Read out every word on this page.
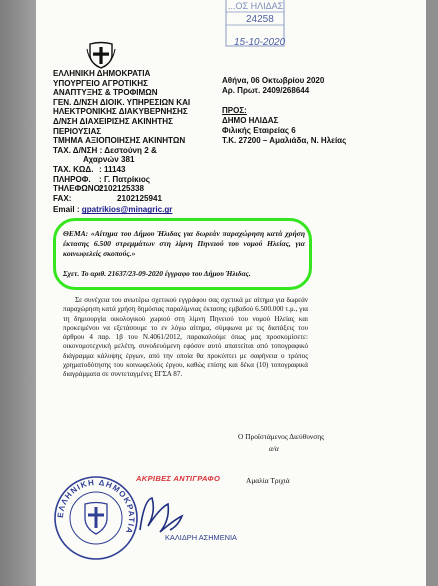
...ΟΣ ΗΛΙΔΑΣ
24258
15-10-2020
ΕΛΛΗΝΙΚΗ ΔΗΜΟΚΡΑΤΙΑ
ΥΠΟΥΡΓΕΙΟ ΑΓΡΟΤΙΚΗΣ
ΑΝΑΠΤΥΞΗΣ & ΤΡΟΦΙΜΩΝ
ΓΕΝ. Δ/ΝΣΗ ΔΙΟΙΚ. ΥΠΗΡΕΣΙΩΝ ΚΑΙ
ΗΛΕΚΤΡΟΝΙΚΗΣ ΔΙΑΚΥΒΕΡΝΗΣΗΣ
Δ/ΝΣΗ ΔΙΑΧΕΙΡΙΣΗΣ ΑΚΙΝΗΤΗΣ
ΠΕΡΙΟΥΣΙΑΣ
ΤΜΗΜΑ ΑΞΙΟΠΟΙΗΣΗΣ ΑΚΙΝΗΤΩΝ
ΤΑΧ. Δ/ΝΣΗ : Δεστούνη 2 &
Αχαρνών 381
ΤΑΧ. ΚΩΔ. : 11143
ΠΛΗΡΟΦ. : Γ. Πατρίκιος
ΤΗΛΕΦΩΝΟ:2102125338
FAX:	2102125941
Email : gpatrikios@minagric.gr
Αθήνα, 06 Οκτωβρίου 2020
Αρ. Πρωτ. 2409/268644
ΠΡΟΣ:
ΔΗΜΟ ΗΛΙΔΑΣ
Φιλικής Εταιρείας 6
Τ.Κ. 27200 – Αμαλιάδα, Ν. Ηλείας
ΘΕΜΑ: «Αίτημα του Δήμου Ήλιδας για δωρεάν παραχώρηση κατά χρήση έκτασης 6.500 στρεμμάτων στη λίμνη Πηνειού του νομού Ηλείας, για κοινωφελείς σκοπούς.»
Σχετ. Το αριθ. 21637/23-09-2020 έγγραφο του Δήμου Ήλιδας.
Σε συνέχεια του ανωτέρω σχετικού εγγράφου σας σχετικά με αίτημα για δωρεάν παραχώρηση κατά χρήση δημόσιας παραλίμνιας έκτασης εμβαδού 6.500.000 τ.μ., για τη δημιουργία οικολογικού χωριού στη λίμνη Πηνειού του νομού Ηλείας και προκειμένου να εξετάσουμε το εν λόγω αίτημα, σύμφωνα με τις διατάξεις του άρθρου 4 παρ. 1β του Ν.4061/2012, παρακαλούμε όπως μας προσκομίσετε: οικονομοτεχνική μελέτη, συνοδευόμενη εφόσον αυτό απαιτείται από τοπογραφικό διάγραμμα κάλυψης έργων, από την οποία θα προκύπτει με σαφήνεια ο τρόπος χρηματοδότησης του κοινωφελούς έργου, καθώς επίσης και δέκα (10) τοπογραφικά διαγράμματα σε συντεταγμένες ΕΓΣΑ 87.
Ο Προϊστάμενος Διεύθυνσης
α/α
Αμαλία Τριχιά
ΕΛΛΗΝΙΚΗ ΔΗΜΟΚΡΑΤΙΑ
ΑΚΡΙΒΕΣ ΑΝΤΙΓΡΑΦΟ
ΚΑΛΙΔΡΗ ΑΣΗΜΕΝΙΑ
